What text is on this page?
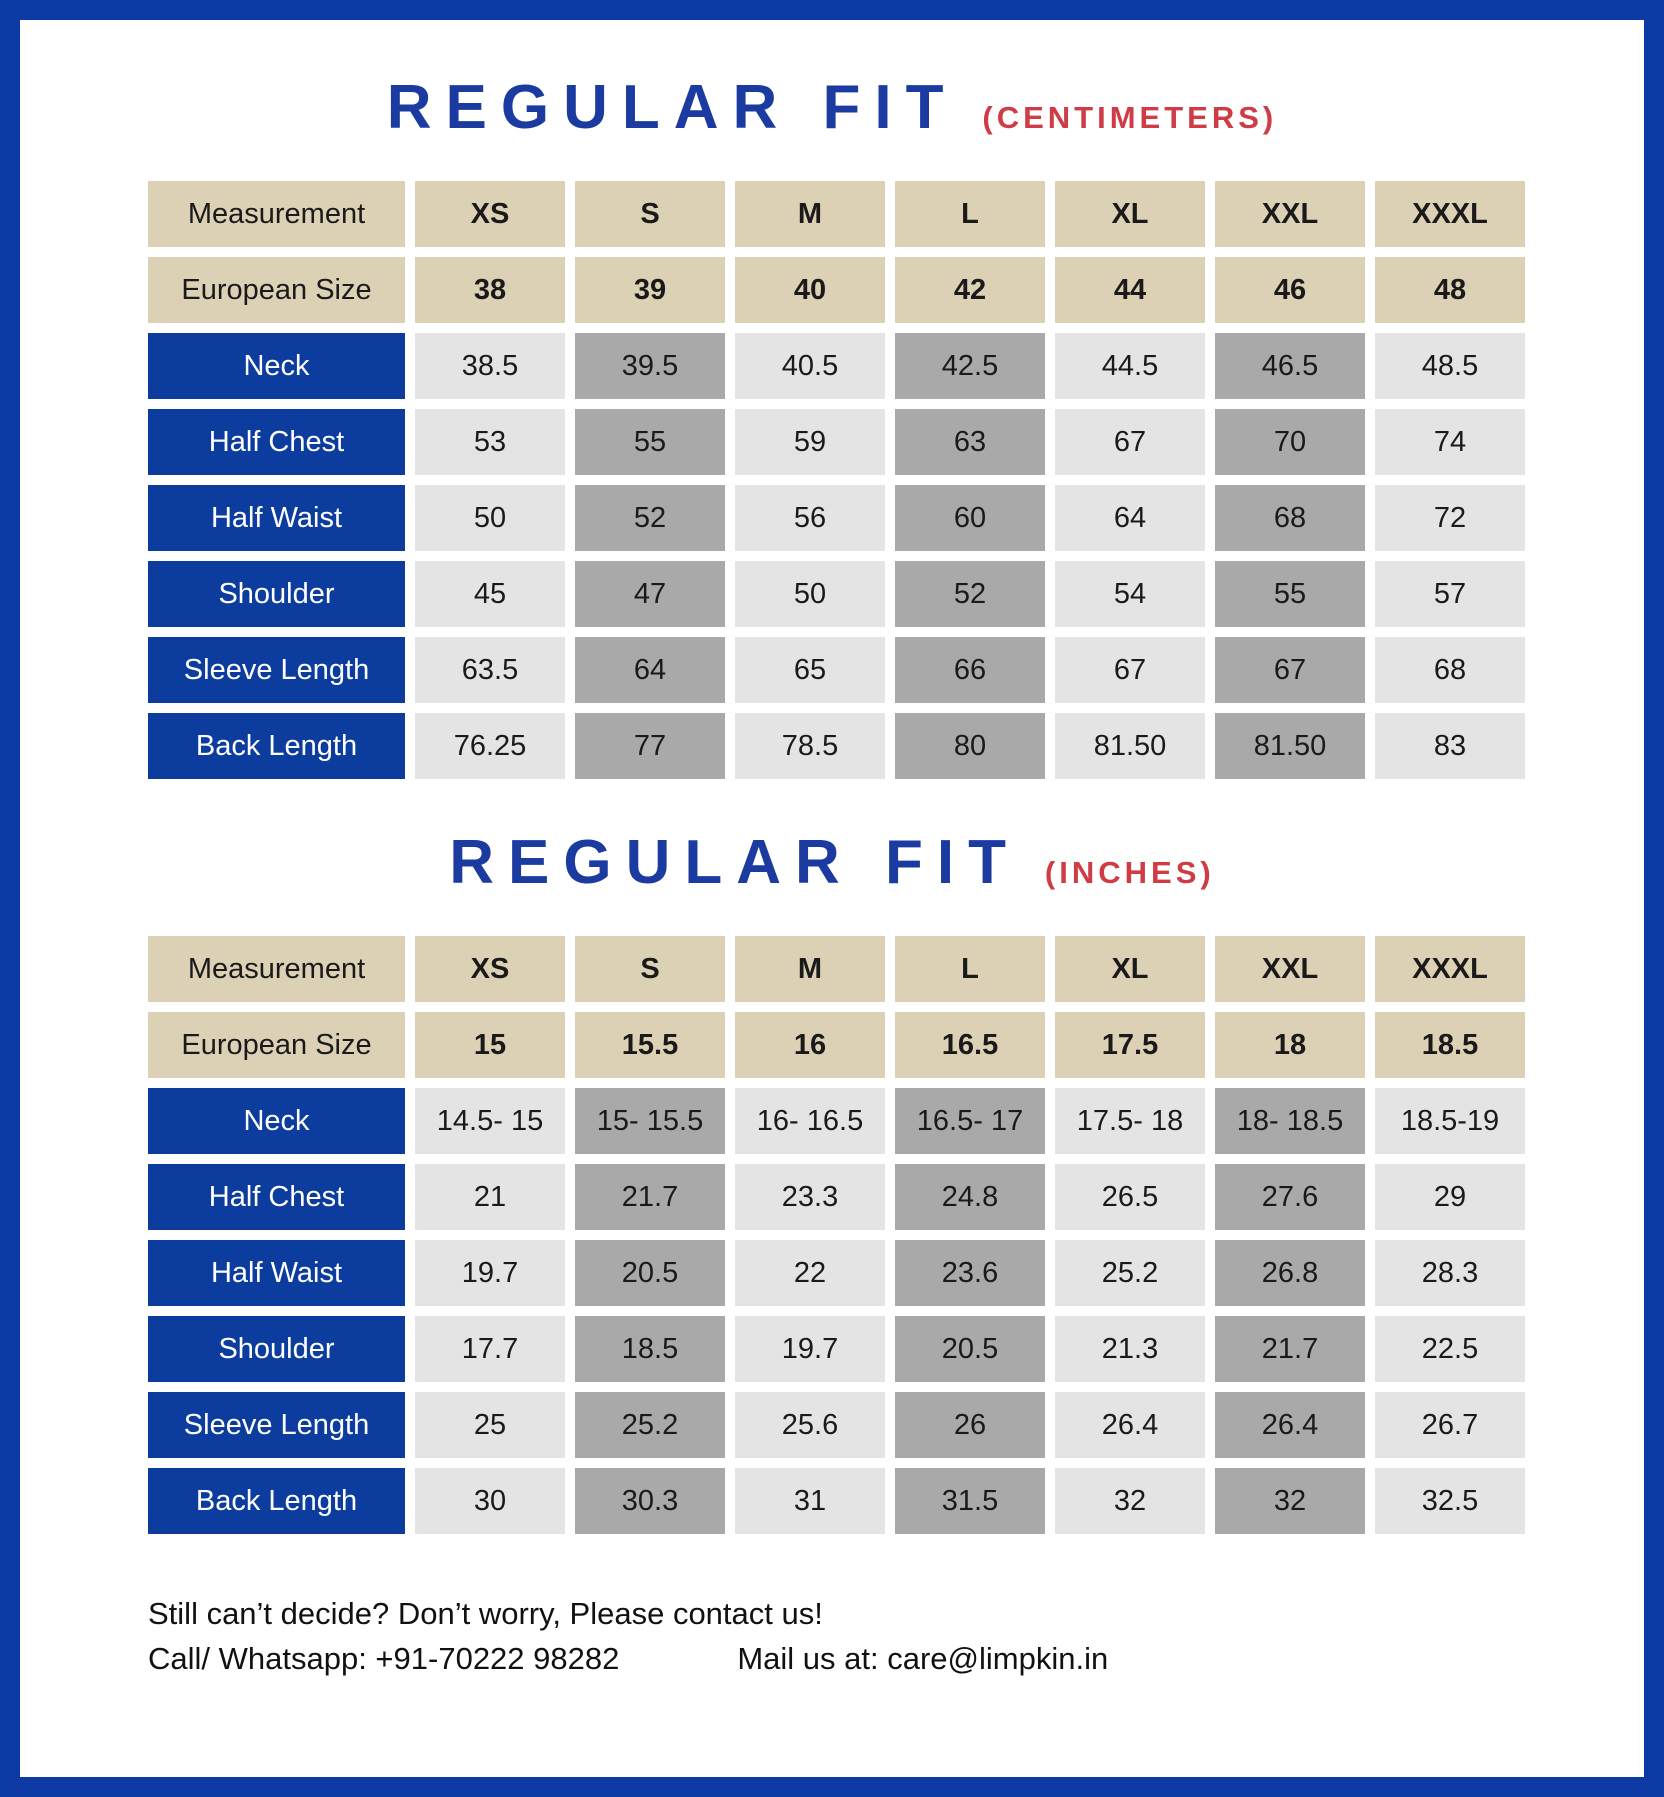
REGULAR FIT (CENTIMETERS)
Measurement	XS	S	M	L	XL	XXL	XXXL
European Size	38	39	40	42	44	46	48
Neck	38.5	39.5	40.5	42.5	44.5	46.5	48.5
Half Chest	53	55	59	63	67	70	74
Half Waist	50	52	56	60	64	68	72
Shoulder	45	47	50	52	54	55	57
Sleeve Length	63.5	64	65	66	67	67	68
Back Length	76.25	77	78.5	80	81.50	81.50	83
REGULAR FIT (INCHES)
Measurement	XS	S	M	L	XL	XXL	XXXL
European Size	15	15.5	16	16.5	17.5	18	18.5
Neck	14.5- 15	15- 15.5	16- 16.5	16.5- 17	17.5- 18	18- 18.5	18.5-19
Half Chest	21	21.7	23.3	24.8	26.5	27.6	29
Half Waist	19.7	20.5	22	23.6	25.2	26.8	28.3
Shoulder	17.7	18.5	19.7	20.5	21.3	21.7	22.5
Sleeve Length	25	25.2	25.6	26	26.4	26.4	26.7
Back Length	30	30.3	31	31.5	32	32	32.5

Still can’t decide? Don’t worry, Please contact us!

Call/ Whatsapp: +91-70222 98282	Mail us at: care@limpkin.in
